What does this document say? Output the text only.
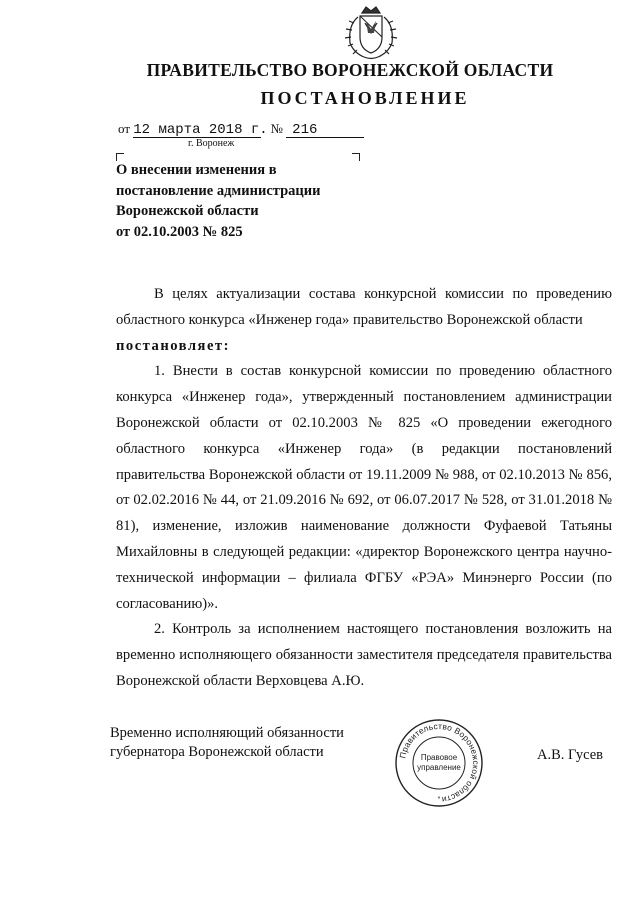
ПРАВИТЕЛЬСТВО ВОРОНЕЖСКОЙ ОБЛАСТИ
ПОСТАНОВЛЕНИЕ
от 12 марта 2018 г. № 216
г. Воронеж
О внесении изменения в
постановление администрации
Воронежской области
от 02.10.2003 № 825

В целях актуализации состава конкурсной комиссии по проведению областного конкурса «Инженер года» правительство Воронежской области

постановляет:

1. Внести в состав конкурсной комиссии по проведению областного конкурса «Инженер года», утвержденный постановлением администрации Воронежской области от 02.10.2003 № 825 «О проведении ежегодного областного конкурса «Инженер года» (в редакции постановлений правительства Воронежской области от 19.11.2009 № 988, от 02.10.2013 № 856, от 02.02.2016 № 44, от 21.09.2016 № 692, от 06.07.2017 № 528, от 31.01.2018 № 81), изменение, изложив наименование должности Фуфаевой Татьяны Михайловны в следующей редакции: «директор Воронежского центра научно-технической информации – филиала ФГБУ «РЭА» Минэнерго России (по согласованию)».

2. Контроль за исполнением настоящего постановления возложить на временно исполняющего обязанности заместителя председателя правительства Воронежской области Верховцева А.Ю.

Временно исполняющий обязанности
губернатора Воронежской области	А.В. Гусев
Правительство Воронежской области
Правовое
управление
*
